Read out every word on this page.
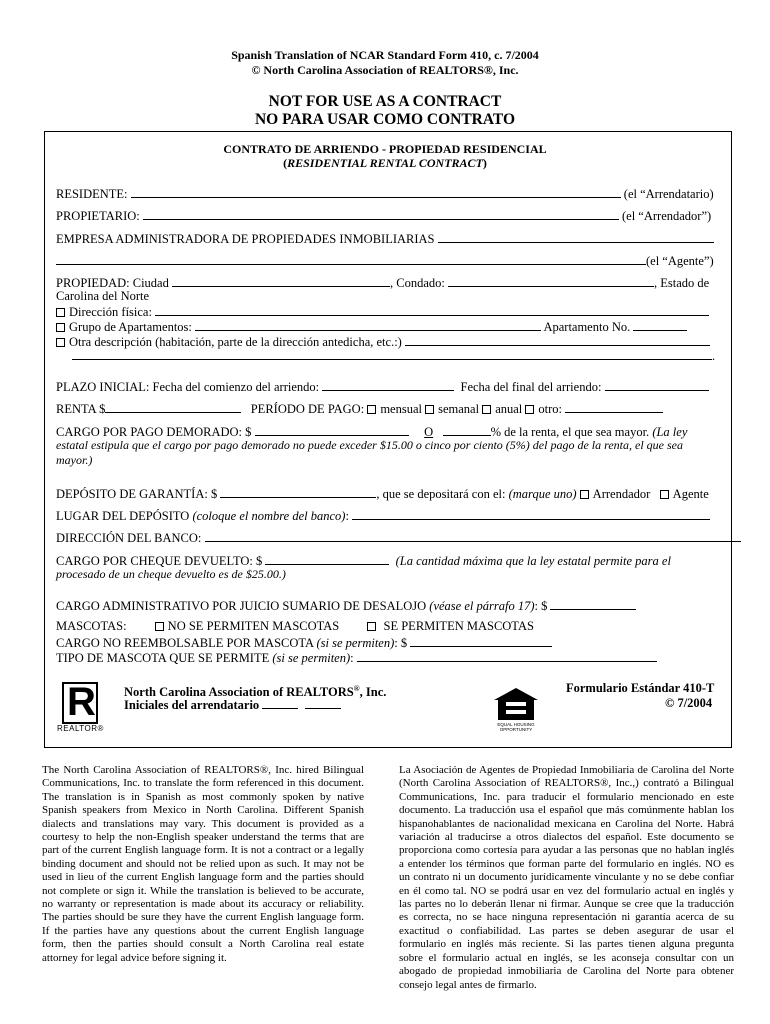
Spanish Translation of NCAR Standard Form 410, c. 7/2004
© North Carolina Association of REALTORS®, Inc.
NOT FOR USE AS A CONTRACT
NO PARA USAR COMO CONTRATO
CONTRATO DE ARRIENDO - PROPIEDAD RESIDENCIAL
(RESIDENTIAL RENTAL CONTRACT)
RESIDENTE:	(el “Arrendatario)
PROPIETARIO:	(el “Arrendador”)
EMPRESA ADMINISTRADORA DE PROPIEDADES INMOBILIARIAS
(el “Agente”)
PROPIEDAD: Ciudad	, Condado:	, Estado de
Carolina del Norte
Dirección física:
Grupo de Apartamentos:	Apartamento No.
Otra descripción (habitación, parte de la dirección antedicha, etc.:)
.
PLAZO INICIAL: Fecha del comienzo del arriendo:	Fecha del final del arriendo:
RENTA $	PERÍODO DE PAGO: mensual semanal anual otro:
CARGO POR PAGO DEMORADO: $	O	% de la renta, el que sea mayor. (La ley
estatal estipula que el cargo por pago demorado no puede exceder $15.00 o cinco por ciento (5%) del pago de la renta, el que sea
mayor.)
DEPÓSITO DE GARANTÍA: $	, que se depositará con el: (marque uno) Arrendador Agente
LUGAR DEL DEPÓSITO (coloque el nombre del banco):
DIRECCIÓN DEL BANCO:
CARGO POR CHEQUE DEVUELTO: $	(La cantidad máxima que la ley estatal permite para el
procesado de un cheque devuelto es de $25.00.)
CARGO ADMINISTRATIVO POR JUICIO SUMARIO DE DESALOJO (véase el párrafo 17): $
MASCOTAS:	NO SE PERMITEN MASCOTAS	SE PERMITEN MASCOTAS
CARGO NO REEMBOLSABLE POR MASCOTA (si se permiten): $
TIPO DE MASCOTA QUE SE PERMITE (si se permiten):
R
REALTOR®
North Carolina Association of REALTORS®, Inc.
Iniciales del arrendatario
EQUAL HOUSING OPPORTUNITY
Formulario Estándar 410-T
© 7/2004
The North Carolina Association of REALTORS®, Inc. hired Bilingual Communications, Inc. to translate the form referenced in this document. The translation is in Spanish as most commonly spoken by native Spanish speakers from Mexico in North Carolina. Different Spanish dialects and translations may vary. This document is provided as a courtesy to help the non-English speaker understand the terms that are part of the current English language form. It is not a contract or a legally binding document and should not be relied upon as such. It may not be used in lieu of the current English language form and the parties should not complete or sign it. While the translation is believed to be accurate, no warranty or representation is made about its accuracy or reliability. The parties should be sure they have the current English language form. If the parties have any questions about the current English language form, then the parties should consult a North Carolina real estate attorney for legal advice before signing it.
La Asociación de Agentes de Propiedad Inmobiliaria de Carolina del Norte (North Carolina Association of REALTORS®, Inc.,) contrató a Bilingual Communications, Inc. para traducir el formulario mencionado en este documento. La traducción usa el español que más comúnmente hablan los hispanohablantes de nacionalidad mexicana en Carolina del Norte. Habrá variación al traducirse a otros dialectos del español. Este documento se proporciona como cortesía para ayudar a las personas que no hablan inglés a entender los términos que forman parte del formulario en inglés. NO es un contrato ni un documento jurídicamente vinculante y no se debe confiar en él como tal. NO se podrá usar en vez del formulario actual en inglés y las partes no lo deberán llenar ni firmar. Aunque se cree que la traducción es correcta, no se hace ninguna representación ni garantía acerca de su exactitud o confiabilidad. Las partes se deben asegurar de usar el formulario en inglés más reciente. Si las partes tienen alguna pregunta sobre el formulario actual en inglés, se les aconseja consultar con un abogado de propiedad inmobiliaria de Carolina del Norte para obtener consejo legal antes de firmarlo.
